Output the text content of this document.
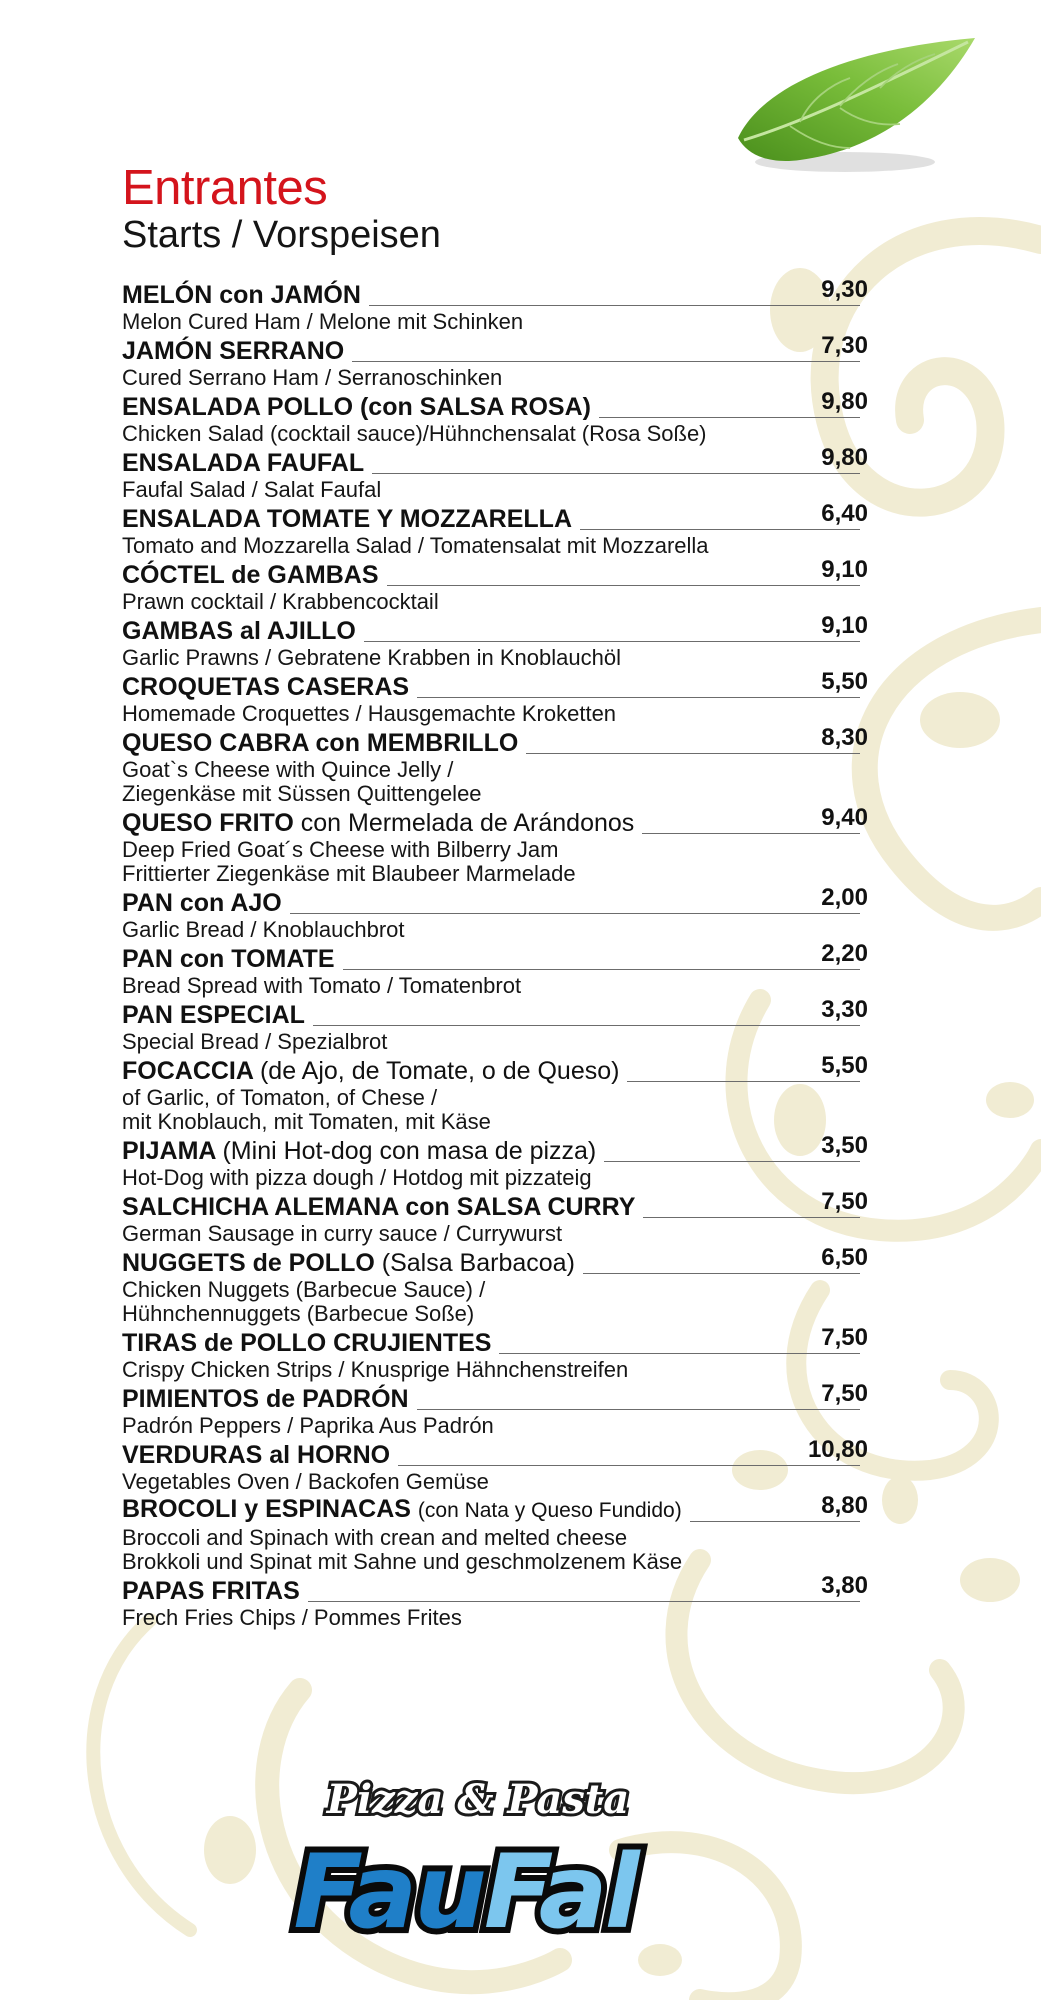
Entrantes
Starts / Vorspeisen
MELÓN con JAMÓN	9,30
Melon Cured Ham / Melone mit Schinken
JAMÓN SERRANO	7,30
Cured Serrano Ham / Serranoschinken
ENSALADA POLLO (con SALSA ROSA)	9,80
Chicken Salad (cocktail sauce)/Hühnchensalat (Rosa Soße)
ENSALADA FAUFAL	9,80
Faufal Salad / Salat Faufal
ENSALADA TOMATE Y MOZZARELLA	6,40
Tomato and Mozzarella Salad / Tomatensalat mit Mozzarella
CÓCTEL de GAMBAS	9,10
Prawn cocktail / Krabbencocktail
GAMBAS al AJILLO	9,10
Garlic Prawns / Gebratene Krabben in Knoblauchöl
CROQUETAS CASERAS	5,50
Homemade Croquettes / Hausgemachte Kroketten
QUESO CABRA con MEMBRILLO	8,30
Goat`s Cheese with Quince Jelly /
Ziegenkäse mit Süssen Quittengelee
QUESO FRITO con Mermelada de Arándonos	9,40
Deep Fried Goat´s Cheese with Bilberry Jam
Frittierter Ziegenkäse mit Blaubeer Marmelade
PAN con AJO	2,00
Garlic Bread / Knoblauchbrot
PAN con TOMATE	2,20
Bread Spread with Tomato / Tomatenbrot
PAN ESPECIAL	3,30
Special Bread / Spezialbrot
FOCACCIA (de Ajo, de Tomate, o de Queso)	5,50
of Garlic, of Tomaton, of Chese /
mit Knoblauch, mit Tomaten, mit Käse
PIJAMA (Mini Hot-dog con masa de pizza)	3,50
Hot-Dog with pizza dough / Hotdog mit pizzateig
SALCHICHA ALEMANA con SALSA CURRY	7,50
German Sausage in curry sauce / Currywurst
NUGGETS de POLLO (Salsa Barbacoa)	6,50
Chicken Nuggets (Barbecue Sauce) /
Hühnchennuggets (Barbecue Soße)
TIRAS de POLLO CRUJIENTES	7,50
Crispy Chicken Strips / Knusprige Hähnchenstreifen
PIMIENTOS de PADRÓN	7,50
Padrón Peppers / Paprika Aus Padrón
VERDURAS al HORNO	10,80
Vegetables Oven / Backofen Gemüse
BROCOLI y ESPINACAS (con Nata y Queso Fundido)	8,80
Broccoli and Spinach with crean and melted cheese
Brokkoli und Spinat mit Sahne und geschmolzenem Käse
PAPAS FRITAS	3,80
Frech Fries Chips / Pommes Frites
Pizza & Pasta
FauFal
